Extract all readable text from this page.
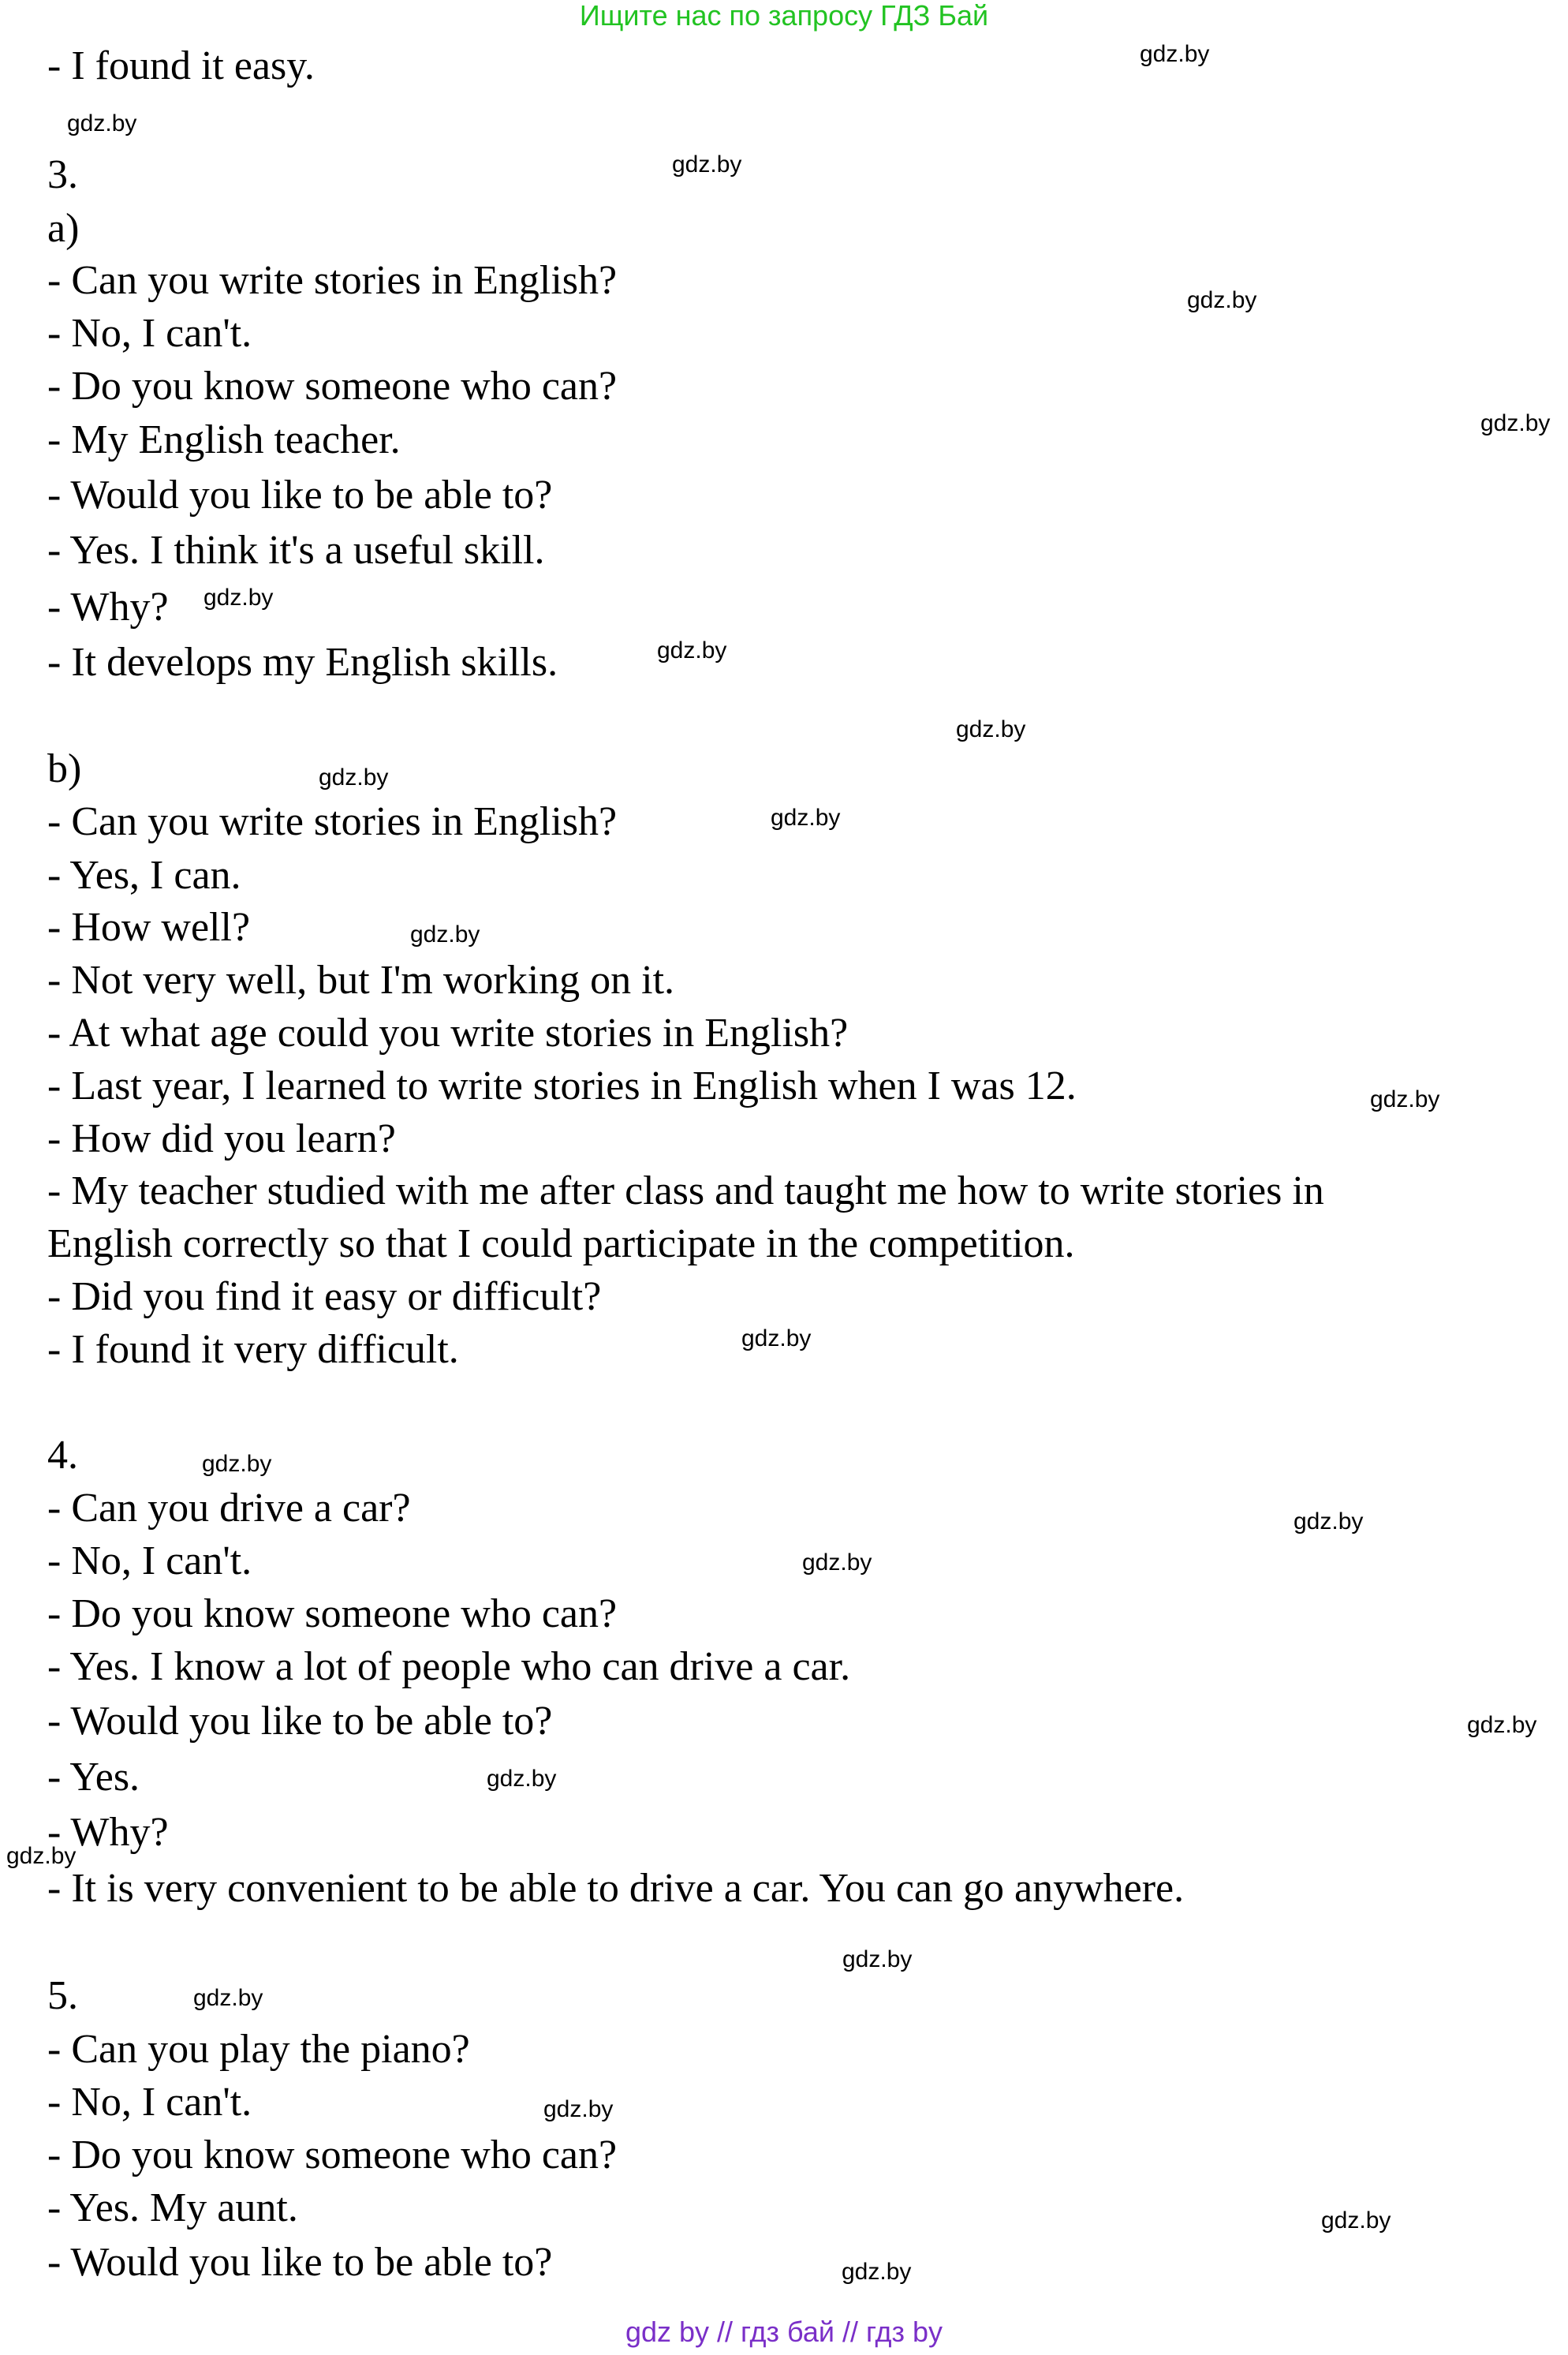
Ищите нас по запросу ГДЗ Бай
- I found it easy.
3.
a)
- Can you write stories in English?
- No, I can't.
- Do you know someone who can?
- My English teacher.
- Would you like to be able to?
- Yes. I think it's a useful skill.
- Why?
- It develops my English skills.
b)
- Can you write stories in English?
- Yes, I can.
- How well?
- Not very well, but I'm working on it.
- At what age could you write stories in English?
- Last year, I learned to write stories in English when I was 12.
- How did you learn?
- My teacher studied with me after class and taught me how to write stories in
English correctly so that I could participate in the competition.
- Did you find it easy or difficult?
- I found it very difficult.
4.
- Can you drive a car?
- No, I can't.
- Do you know someone who can?
- Yes. I know a lot of people who can drive a car.
- Would you like to be able to?
- Yes.
- Why?
- It is very convenient to be able to drive a car. You can go anywhere.
5.
- Can you play the piano?
- No, I can't.
- Do you know someone who can?
- Yes. My aunt.
- Would you like to be able to?
gdz.by
gdz.by
gdz.by
gdz.by
gdz.by
gdz.by
gdz.by
gdz.by
gdz.by
gdz.by
gdz.by
gdz.by
gdz.by
gdz.by
gdz.by
gdz.by
gdz.by
gdz.by
gdz.by
gdz.by
gdz.by
gdz.by
gdz.by
gdz.by
gdz by // гдз бай // гдз by
